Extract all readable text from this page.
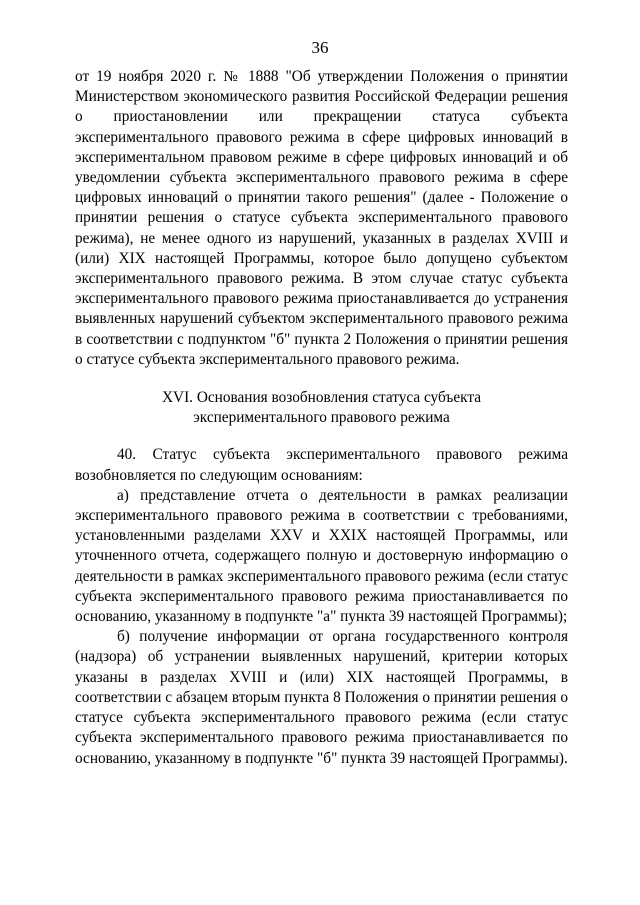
36

от 19 ноября 2020 г. № 1888 "Об утверждении Положения о принятии Министерством экономического развития Российской Федерации решения о приостановлении или прекращении статуса субъекта экспериментального правового режима в сфере цифровых инноваций в экспериментальном правовом режиме в сфере цифровых инноваций и об уведомлении субъекта экспериментального правового режима в сфере цифровых инноваций о принятии такого решения" (далее - Положение о принятии решения о статусе субъекта экспериментального правового режима), не менее одного из нарушений, указанных в разделах XVIII и (или) XIX настоящей Программы, которое было допущено субъектом экспериментального правового режима. В этом случае статус субъекта экспериментального правового режима приостанавливается до устранения выявленных нарушений субъектом экспериментального правового режима в соответствии с подпунктом "б" пункта 2 Положения о принятии решения о статусе субъекта экспериментального правового режима.

XVI. Основания возобновления статуса субъекта
экспериментального правового режима

40. Статус субъекта экспериментального правового режима возобновляется по следующим основаниям:

а) представление отчета о деятельности в рамках реализации экспериментального правового режима в соответствии с требованиями, установленными разделами XXV и XXIX настоящей Программы, или уточненного отчета, содержащего полную и достоверную информацию о деятельности в рамках экспериментального правового режима (если статус субъекта экспериментального правового режима приостанавливается по основанию, указанному в подпункте "а" пункта 39 настоящей Программы);

б) получение информации от органа государственного контроля (надзора) об устранении выявленных нарушений, критерии которых указаны в разделах XVIII и (или) XIX настоящей Программы, в соответствии с абзацем вторым пункта 8 Положения о принятии решения о статусе субъекта экспериментального правового режима (если статус субъекта экспериментального правового режима приостанавливается по основанию, указанному в подпункте "б" пункта 39 настоящей Программы).
